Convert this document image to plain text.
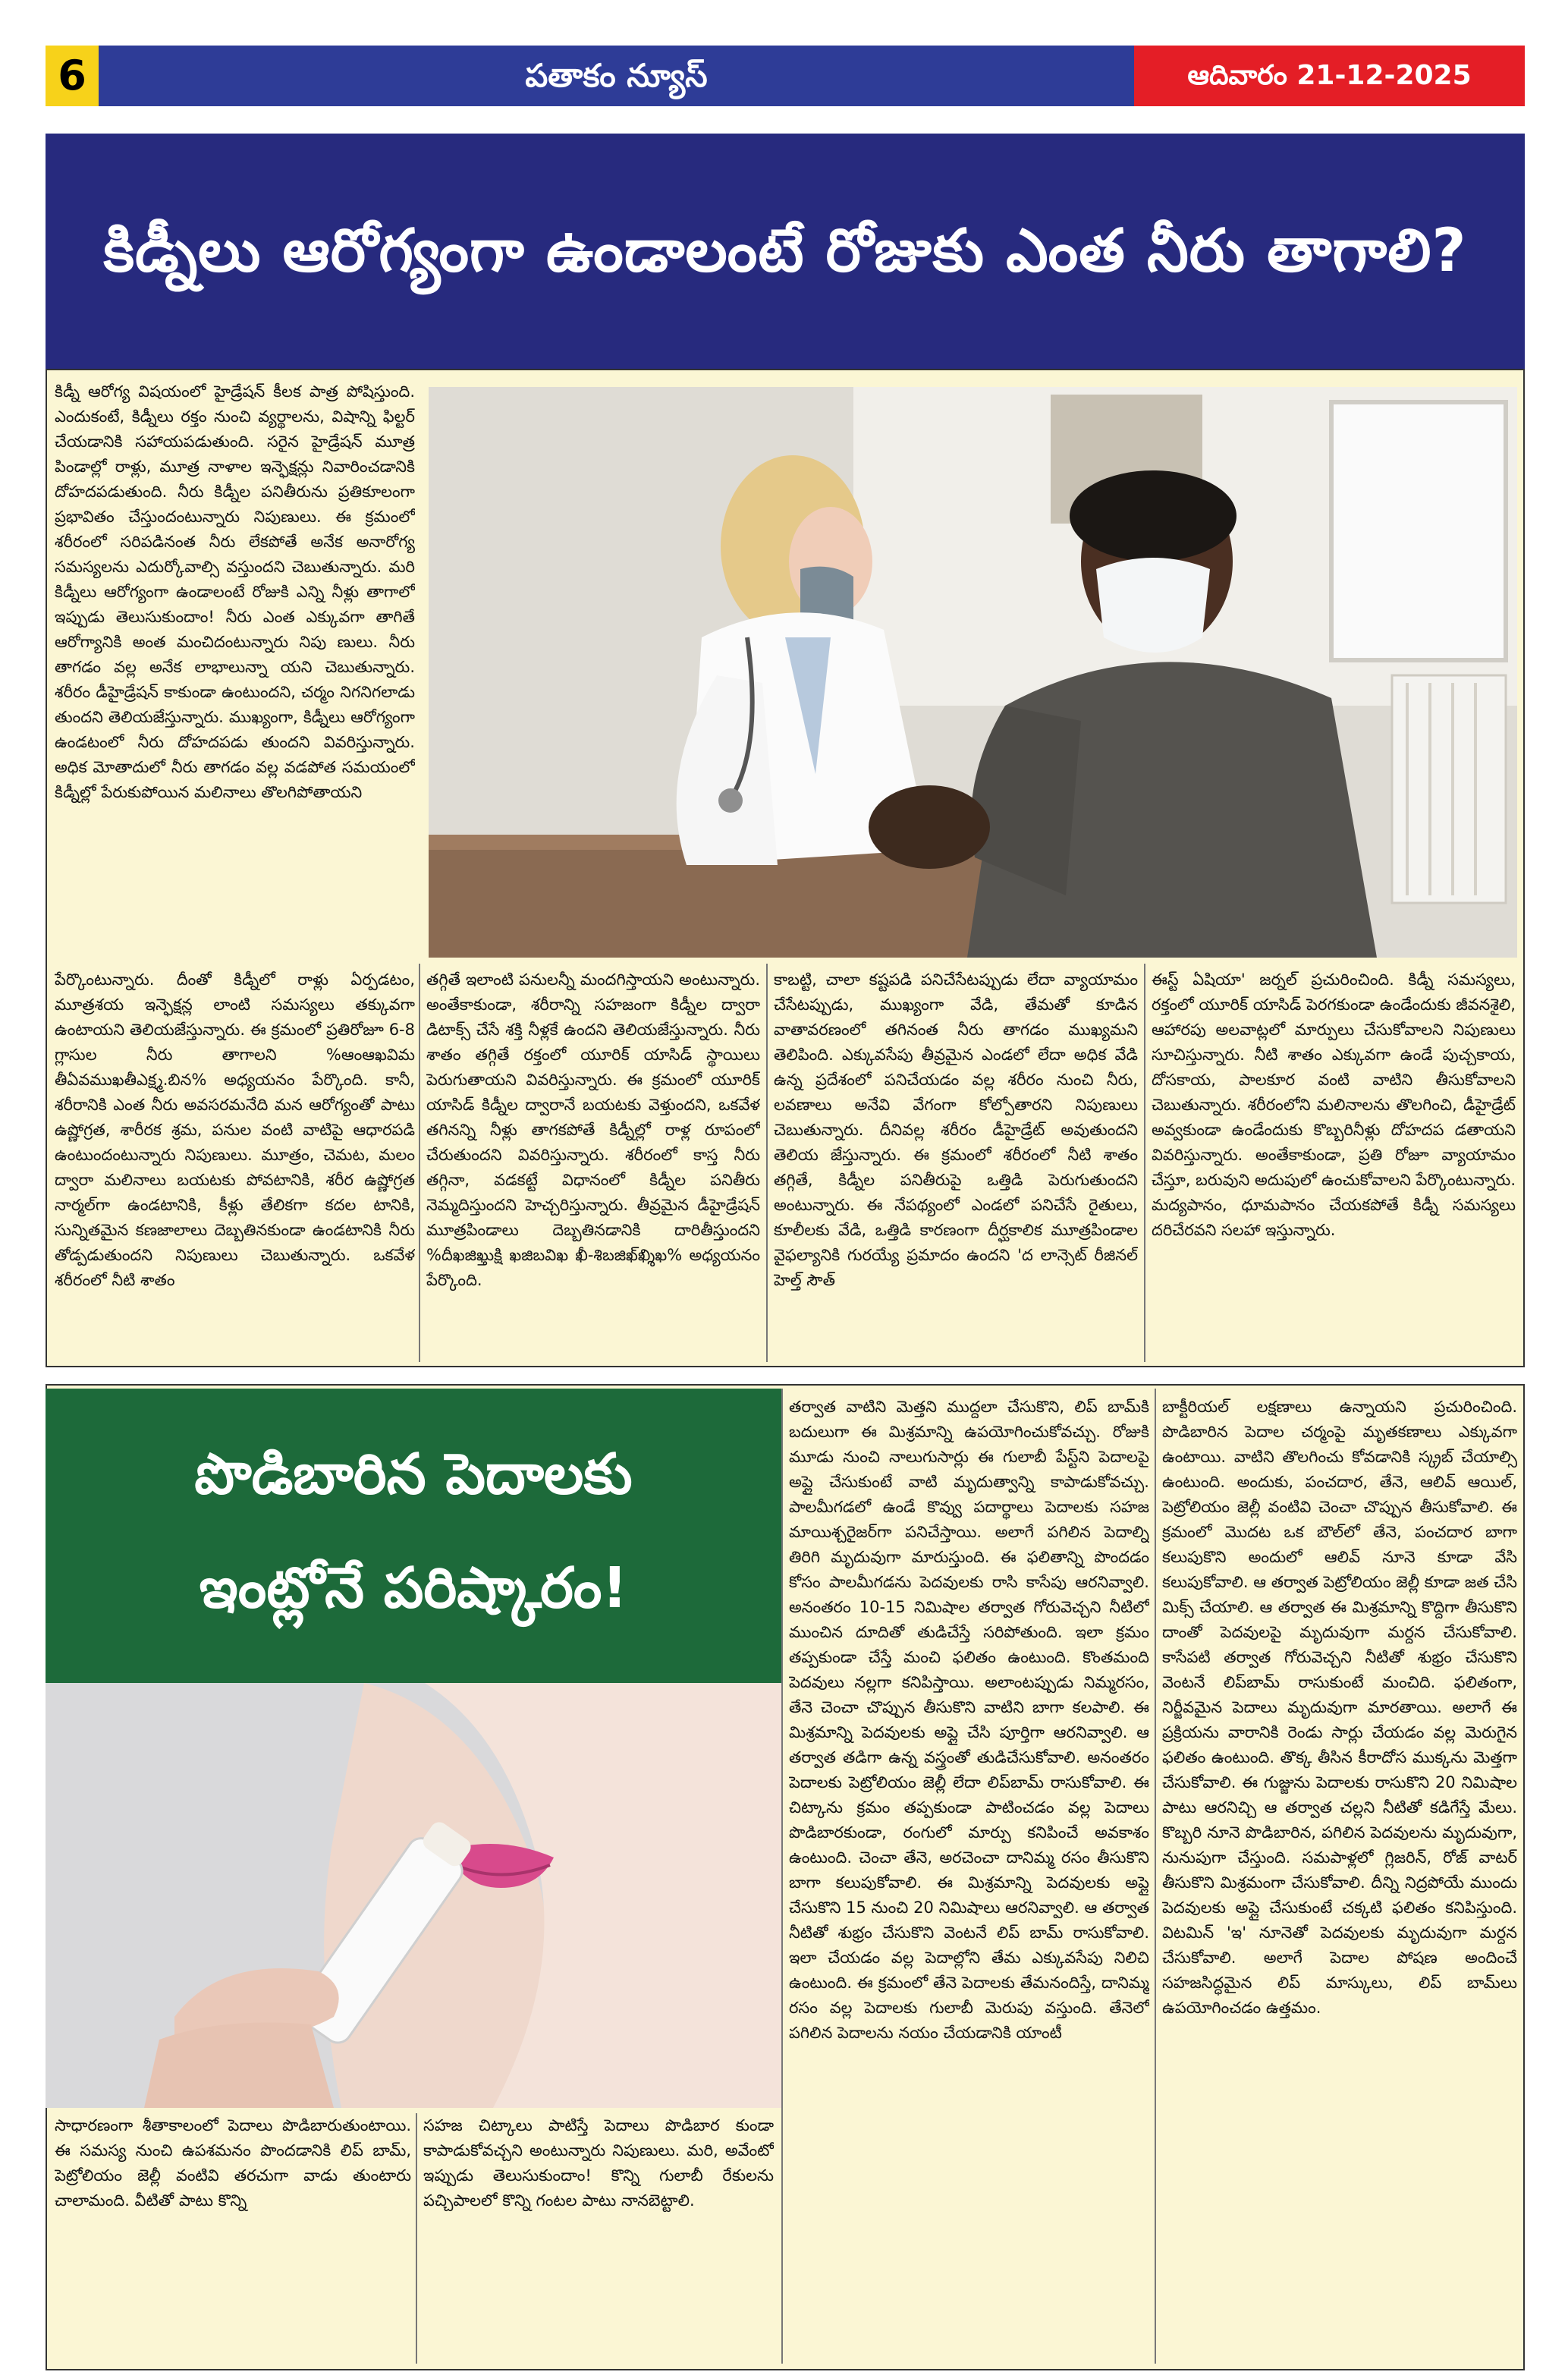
6	పతాకం న్యూస్	ఆదివారం 21-12-2025
కిడ్నీలు ఆరోగ్యంగా ఉండాలంటే రోజుకు ఎంత నీరు తాగాలి?

కిడ్నీ ఆరోగ్య విషయంలో హైడ్రేషన్ కీలక పాత్ర పోషిస్తుంది. ఎందుకంటే, కిడ్నీలు రక్తం నుంచి వ్యర్థాలను, విషాన్ని ఫిల్టర్ చేయడానికి సహాయపడుతుంది. సరైన హైడ్రేషన్ మూత్ర పిండాల్లో రాళ్లు, మూత్ర నాళాల ఇన్ఫెక్షన్లు నివారించడానికి దోహదపడుతుంది. నీరు కిడ్నీల పనితీరును ప్రతికూలంగా ప్రభావితం చేస్తుందంటున్నారు నిపుణులు. ఈ క్రమంలో శరీరంలో సరిపడినంత నీరు లేకపోతే అనేక అనారోగ్య సమస్యలను ఎదుర్కోవాల్సి వస్తుందని చెబుతున్నారు. మరి కిడ్నీలు ఆరోగ్యంగా ఉండాలంటే రోజుకి ఎన్ని నీళ్లు తాగాలో ఇప్పుడు తెలుసుకుందాం! నీరు ఎంత ఎక్కువగా తాగితే ఆరోగ్యానికి అంత మంచిదంటున్నారు నిపు ణులు. నీరు తాగడం వల్ల అనేక లాభాలున్నా యని చెబుతున్నారు. శరీరం డీహైడ్రేషన్ కాకుండా ఉంటుందని, చర్మం నిగనిగలాడు తుందని తెలియజేస్తున్నారు. ముఖ్యంగా, కిడ్నీలు ఆరోగ్యంగా ఉండటంలో నీరు దోహదపడు తుందని వివరిస్తున్నారు. అధిక మోతాదులో నీరు తాగడం వల్ల వడపోత సమయంలో కిడ్నీల్లో పేరుకుపోయిన మలినాలు తొలగిపోతాయని

పేర్కొంటున్నారు. దీంతో కిడ్నీలో రాళ్లు ఏర్పడటం, మూత్రశయ ఇన్ఫెక్షన్ల లాంటి సమస్యలు తక్కువగా ఉంటాయని తెలియజేస్తున్నారు. ఈ క్రమంలో ప్రతిరోజూ 6-8 గ్లాసుల నీరు తాగాలని %ఆంఆఖవిమ తీఏవముఖతీఎక్ష్మ.బిన% అధ్యయనం పేర్కొంది. కానీ, శరీరానికి ఎంత నీరు అవసరమనేది మన ఆరోగ్యంతో పాటు ఉష్ణోగ్రత, శారీరక శ్రమ, పనుల వంటి వాటిపై ఆధారపడి ఉంటుందంటున్నారు నిపుణులు. మూత్రం, చెమట, మలం ద్వారా మలినాలు బయటకు పోవటానికి, శరీర ఉష్ణోగ్రత నార్మల్‌గా ఉండటానికి, కీళ్లు తేలికగా కదల టానికి, సున్నితమైన కణజాలాలు దెబ్బతినకుండా ఉండటానికి నీరు తోడ్పడుతుందని నిపుణులు చెబుతున్నారు. ఒకవేళ శరీరంలో నీటి శాతం

తగ్గితే ఇలాంటి పనులన్నీ మందగిస్తాయని అంటున్నారు. అంతేకాకుండా, శరీరాన్ని సహజంగా కిడ్నీల ద్వారా డిటాక్స్ చేసే శక్తి నీళ్లకే ఉందని తెలియజేస్తున్నారు. నీరు శాతం తగ్గితే రక్తంలో యూరిక్ యాసిడ్ స్థాయిలు పెరుగుతాయని వివరిస్తున్నారు. ఈ క్రమంలో యూరిక్ యాసిడ్ కిడ్నీల ద్వారానే బయటకు వెళ్తుందని, ఒకవేళ తగినన్ని నీళ్లు తాగకపోతే కిడ్నీల్లో రాళ్ల రూపంలో చేరుతుందని వివరిస్తున్నారు. శరీరంలో కాస్త నీరు తగ్గినా, వడకట్టే విధానంలో కిడ్నీల పనితీరు నెమ్మదిస్తుందని హెచ్చరిస్తున్నారు. తీవ్రమైన డీహైడ్రేషన్ మూత్రపిండాలు దెబ్బతినడానికి దారితీస్తుందని %దీఖజిఖ్తుక్షి ఖజిబవిఖ ఖీ-శిబజిఖ్‌ఖ్శిఖ% అధ్యయనం పేర్కొంది.

కాబట్టి, చాలా కష్టపడి పనిచేసేటప్పుడు లేదా వ్యాయామం చేసేటప్పుడు, ముఖ్యంగా వేడి, తేమతో కూడిన వాతావరణంలో తగినంత నీరు తాగడం ముఖ్యమని తెలిపింది. ఎక్కువసేపు తీవ్రమైన ఎండలో లేదా అధిక వేడి ఉన్న ప్రదేశంలో పనిచేయడం వల్ల శరీరం నుంచి నీరు, లవణాలు అనేవి వేగంగా కోల్పోతారని నిపుణులు చెబుతున్నారు. దీనివల్ల శరీరం డీహైడ్రేట్ అవుతుందని తెలియ జేస్తున్నారు. ఈ క్రమంలో శరీరంలో నీటి శాతం తగ్గితే, కిడ్నీల పనితీరుపై ఒత్తిడి పెరుగుతుందని అంటున్నారు. ఈ నేపథ్యంలో ఎండలో పనిచేసే రైతులు, కూలీలకు వేడి, ఒత్తిడి కారణంగా దీర్ఘకాలిక మూత్రపిండాల వైఫల్యానికి గురయ్యే ప్రమాదం ఉందని 'ద లాన్సెట్ రీజినల్ హెల్త్ సౌత్

ఈస్ట్ ఏషియా' జర్నల్ ప్రచురించింది. కిడ్నీ సమస్యలు, రక్తంలో యూరిక్ యాసిడ్ పెరగకుండా ఉండేందుకు జీవనశైలి, ఆహారపు అలవాట్లలో మార్పులు చేసుకోవాలని నిపుణులు సూచిస్తున్నారు. నీటి శాతం ఎక్కువగా ఉండే పుచ్చకాయ, దోసకాయ, పాలకూర వంటి వాటిని తీసుకోవాలని చెబుతున్నారు. శరీరంలోని మలినాలను తొలగించి, డీహైడ్రేట్ అవ్వకుండా ఉండేందుకు కొబ్బరినీళ్లు దోహదప డతాయని వివరిస్తున్నారు. అంతేకాకుండా, ప్రతి రోజూ వ్యాయామం చేస్తూ, బరువుని అదుపులో ఉంచుకోవాలని పేర్కొంటున్నారు. మద్యపానం, ధూమపానం చేయకపోతే కిడ్నీ సమస్యలు దరిచేరవని సలహా ఇస్తున్నారు.

పొడిబారిన పెదాలకు
ఇంట్లోనే పరిష్కారం!

సాధారణంగా శీతాకాలంలో పెదాలు పొడిబారుతుంటాయి. ఈ సమస్య నుంచి ఉపశమనం పొందడానికి లిప్ బామ్, పెట్రోలియం జెల్లీ వంటివి తరచుగా వాడు తుంటారు చాలామంది. వీటితో పాటు కొన్ని

సహజ చిట్కాలు పాటిస్తే పెదాలు పొడిబార కుండా కాపాడుకోవచ్చని అంటున్నారు నిపుణులు. మరి, అవేంటో ఇప్పుడు తెలుసుకుందాం! కొన్ని గులాబీ రేకులను పచ్చిపాలలో కొన్ని గంటల పాటు నానబెట్టాలి.

తర్వాత వాటిని మెత్తని ముద్దలా చేసుకొని, లిప్ బామ్‌కి బదులుగా ఈ మిశ్రమాన్ని ఉపయోగించుకోవచ్చు. రోజుకి మూడు నుంచి నాలుగుసార్లు ఈ గులాబీ పేస్ట్‌ని పెదాలపై అప్లై చేసుకుంటే వాటి మృదుత్వాన్ని కాపాడుకోవచ్చు. పాలమీగడలో ఉండే కొవ్వు పదార్థాలు పెదాలకు సహజ మాయిశ్చరైజర్‌గా పనిచేస్తాయి. అలాగే పగిలిన పెదాల్ని తిరిగి మృదువుగా మారుస్తుంది. ఈ ఫలితాన్ని పొందడం కోసం పాలమీగడను పెదవులకు రాసి కాసేపు ఆరనివ్వాలి. అనంతరం 10-15 నిమిషాల తర్వాత గోరువెచ్చని నీటిలో ముంచిన దూదితో తుడిచేస్తే సరిపోతుంది. ఇలా క్రమం తప్పకుండా చేస్తే మంచి ఫలితం ఉంటుంది. కొంతమంది పెదవులు నల్లగా కనిపిస్తాయి. అలాంటప్పుడు నిమ్మరసం, తేనె చెంచా చొప్పున తీసుకొని వాటిని బాగా కలపాలి. ఈ మిశ్రమాన్ని పెదవులకు అప్లై చేసి పూర్తిగా ఆరనివ్వాలి. ఆ తర్వాత తడిగా ఉన్న వస్త్రంతో తుడిచేసుకోవాలి. అనంతరం పెదాలకు పెట్రోలియం జెల్లీ లేదా లిప్‌బామ్ రాసుకోవాలి. ఈ చిట్కాను క్రమం తప్పకుండా పాటించడం వల్ల పెదాలు పొడిబారకుండా, రంగులో మార్పు కనిపించే అవకాశం ఉంటుంది. చెంచా తేనె, అరచెంచా దానిమ్మ రసం తీసుకొని బాగా కలుపుకోవాలి. ఈ మిశ్రమాన్ని పెదవులకు అప్లై చేసుకొని 15 నుంచి 20 నిమిషాలు ఆరనివ్వాలి. ఆ తర్వాత నీటితో శుభ్రం చేసుకొని వెంటనే లిప్ బామ్ రాసుకోవాలి. ఇలా చేయడం వల్ల పెదాల్లోని తేమ ఎక్కువసేపు నిలిచి ఉంటుంది. ఈ క్రమంలో తేనె పెదాలకు తేమనందిస్తే, దానిమ్మ రసం వల్ల పెదాలకు గులాబీ మెరుపు వస్తుంది. తేనెలో పగిలిన పెదాలను నయం చేయడానికి యాంటీ

బాక్టీరియల్ లక్షణాలు ఉన్నాయని ప్రచురించింది. పొడిబారిన పెదాల చర్మంపై మృతకణాలు ఎక్కువగా ఉంటాయి. వాటిని తొలగించు కోవడానికి స్క్రబ్ చేయాల్సి ఉంటుంది. అందుకు, పంచదార, తేనె, ఆలివ్ ఆయిల్, పెట్రోలియం జెల్లీ వంటివి చెంచా చొప్పున తీసుకోవాలి. ఈ క్రమంలో మొదట ఒక బౌల్‌లో తేనె, పంచదార బాగా కలుపుకొని అందులో ఆలివ్ నూనె కూడా వేసి కలుపుకోవాలి. ఆ తర్వాత పెట్రోలియం జెల్లీ కూడా జత చేసి మిక్స్ చేయాలి. ఆ తర్వాత ఈ మిశ్రమాన్ని కొద్దిగా తీసుకొని దాంతో పెదవులపై మృదువుగా మర్దన చేసుకోవాలి. కాసేపటి తర్వాత గోరువెచ్చని నీటితో శుభ్రం చేసుకొని వెంటనే లిప్‌బామ్ రాసుకుంటే మంచిది. ఫలితంగా, నిర్జీవమైన పెదాలు మృదువుగా మారతాయి. అలాగే ఈ ప్రక్రియను వారానికి రెండు సార్లు చేయడం వల్ల మెరుగైన ఫలితం ఉంటుంది. తొక్క తీసిన కీరాదోస ముక్కను మెత్తగా చేసుకోవాలి. ఈ గుజ్జును పెదాలకు రాసుకొని 20 నిమిషాల పాటు ఆరనిచ్చి ఆ తర్వాత చల్లని నీటితో కడిగేస్తే మేలు. కొబ్బరి నూనె పొడిబారిన, పగిలిన పెదవులను మృదువుగా, నునుపుగా చేస్తుంది. సమపాళ్లలో గ్లిజరిన్, రోజ్ వాటర్ తీసుకొని మిశ్రమంగా చేసుకోవాలి. దీన్ని నిద్రపోయే ముందు పెదవులకు అప్లై చేసుకుంటే చక్కటి ఫలితం కనిపిస్తుంది. విటమిన్ 'ఇ' నూనెతో పెదవులకు మృదువుగా మర్దన చేసుకోవాలి. అలాగే పెదాల పోషణ అందించే సహజసిద్ధమైన లిప్ మాస్కులు, లిప్ బామ్‌లు ఉపయోగించడం ఉత్తమం.
